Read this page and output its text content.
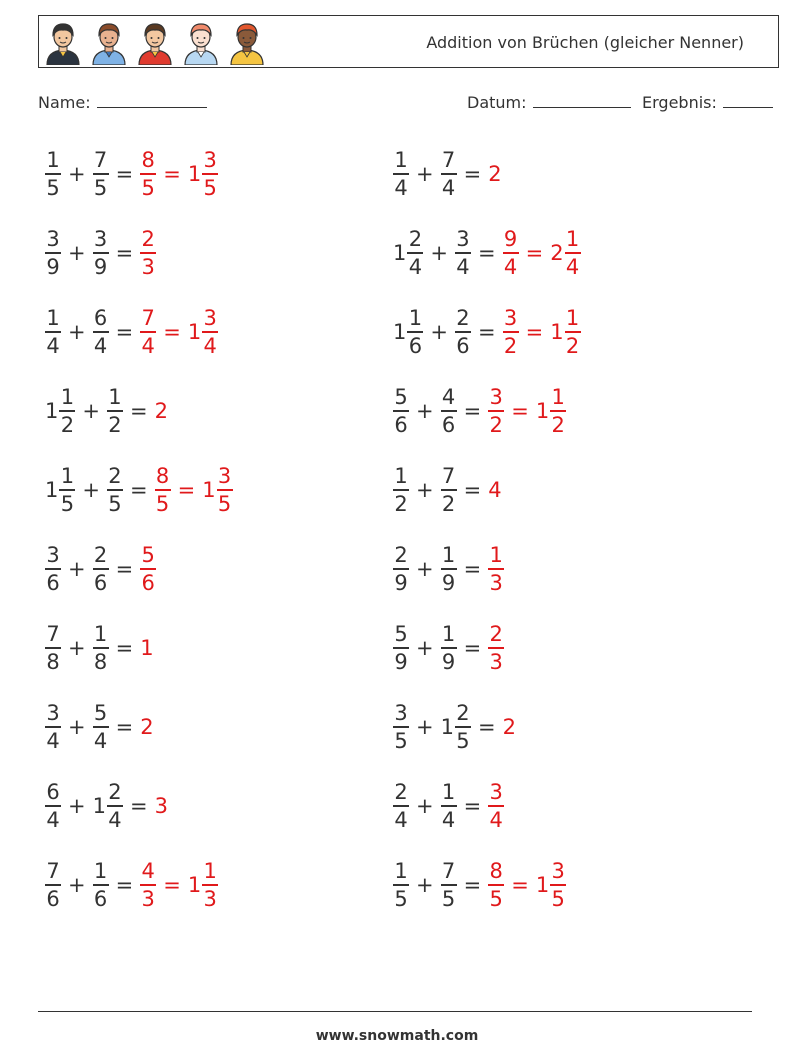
Addition von Brüchen (gleicher Nenner)
Name:	Datum:	Ergebnis:
$\frac{1}{5} + \frac{7}{5} = \frac{8}{5} = 1 \frac{3}{5}$	$\frac{1}{4} + \frac{7}{4} = 2$
$\frac{3}{9} + \frac{3}{9} = \frac{2}{3}$	$1 \frac{2}{4} + \frac{3}{4} = \frac{9}{4} = 2 \frac{1}{4}$
$\frac{1}{4} + \frac{6}{4} = \frac{7}{4} = 1 \frac{3}{4}$	$1 \frac{1}{6} + \frac{2}{6} = \frac{3}{2} = 1 \frac{1}{2}$
$1 \frac{1}{2} + \frac{1}{2} = 2$	$\frac{5}{6} + \frac{4}{6} = \frac{3}{2} = 1 \frac{1}{2}$
$1 \frac{1}{5} + \frac{2}{5} = \frac{8}{5} = 1 \frac{3}{5}$	$\frac{1}{2} + \frac{7}{2} = 4$
$\frac{3}{6} + \frac{2}{6} = \frac{5}{6}$	$\frac{2}{9} + \frac{1}{9} = \frac{1}{3}$
$\frac{7}{8} + \frac{1}{8} = 1$	$\frac{5}{9} + \frac{1}{9} = \frac{2}{3}$
$\frac{3}{4} + \frac{5}{4} = 2$	$\frac{3}{5} + 1 \frac{2}{5} = 2$
$\frac{6}{4} + 1 \frac{2}{4} = 3$	$\frac{2}{4} + \frac{1}{4} = \frac{3}{4}$
$\frac{7}{6} + \frac{1}{6} = \frac{4}{3} = 1 \frac{1}{3}$	$\frac{1}{5} + \frac{7}{5} = \frac{8}{5} = 1 \frac{3}{5}$
www.snowmath.com
